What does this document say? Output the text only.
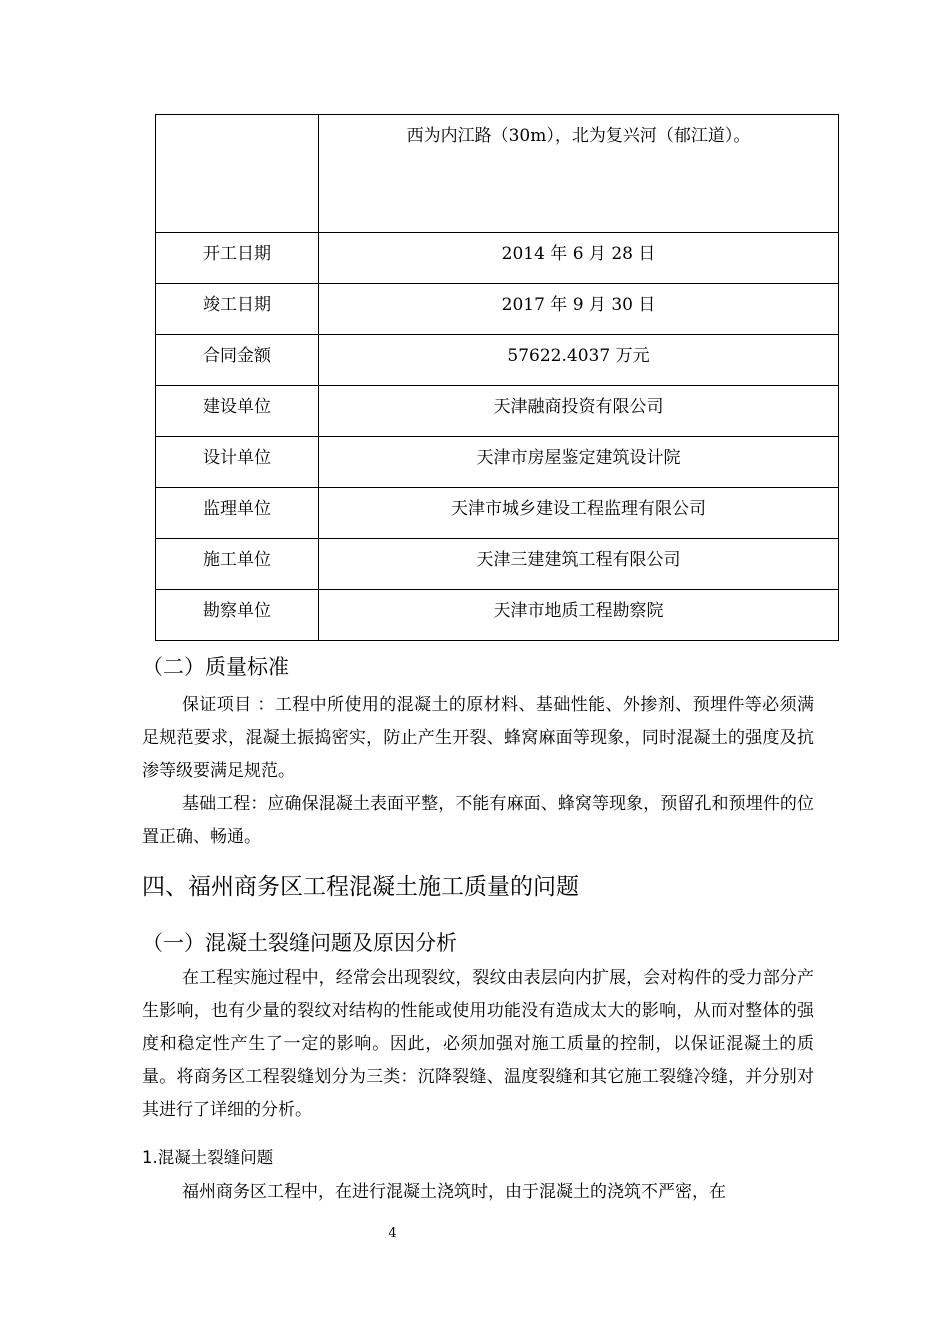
	西为内江路（30m），北为复兴河（郁江道）。
开工日期	2014 年 6 月 28 日
竣工日期	2017 年 9 月 30 日
合同金额	57622.4037 万元
建设单位	天津融商投资有限公司
设计单位	天津市房屋鉴定建筑设计院
监理单位	天津市城乡建设工程监理有限公司
施工单位	天津三建建筑工程有限公司
勘察单位	天津市地质工程勘察院
（二）质量标准

保证项目 ：工程中所使用的混凝土的原材料、基础性能、外掺剂、预埋件等必须满足规范要求，混凝土振捣密实，防止产生开裂、蜂窝麻面等现象，同时混凝土的强度及抗渗等级要满足规范。

基础工程：应确保混凝土表面平整，不能有麻面、蜂窝等现象，预留孔和预埋件的位置正确、畅通。

四、福州商务区工程混凝土施工质量的问题
（一）混凝土裂缝问题及原因分析

在工程实施过程中，经常会出现裂纹，裂纹由表层向内扩展，会对构件的受力部分产生影响，也有少量的裂纹对结构的性能或使用功能没有造成太大的影响，从而对整体的强度和稳定性产生了一定的影响。因此，必须加强对施工质量的控制，以保证混凝土的质量。将商务区工程裂缝划分为三类：沉降裂缝、温度裂缝和其它施工裂缝冷缝，并分别对其进行了详细的分析。

1.混凝土裂缝问题

福州商务区工程中，在进行混凝土浇筑时，由于混凝土的浇筑不严密，在

4
